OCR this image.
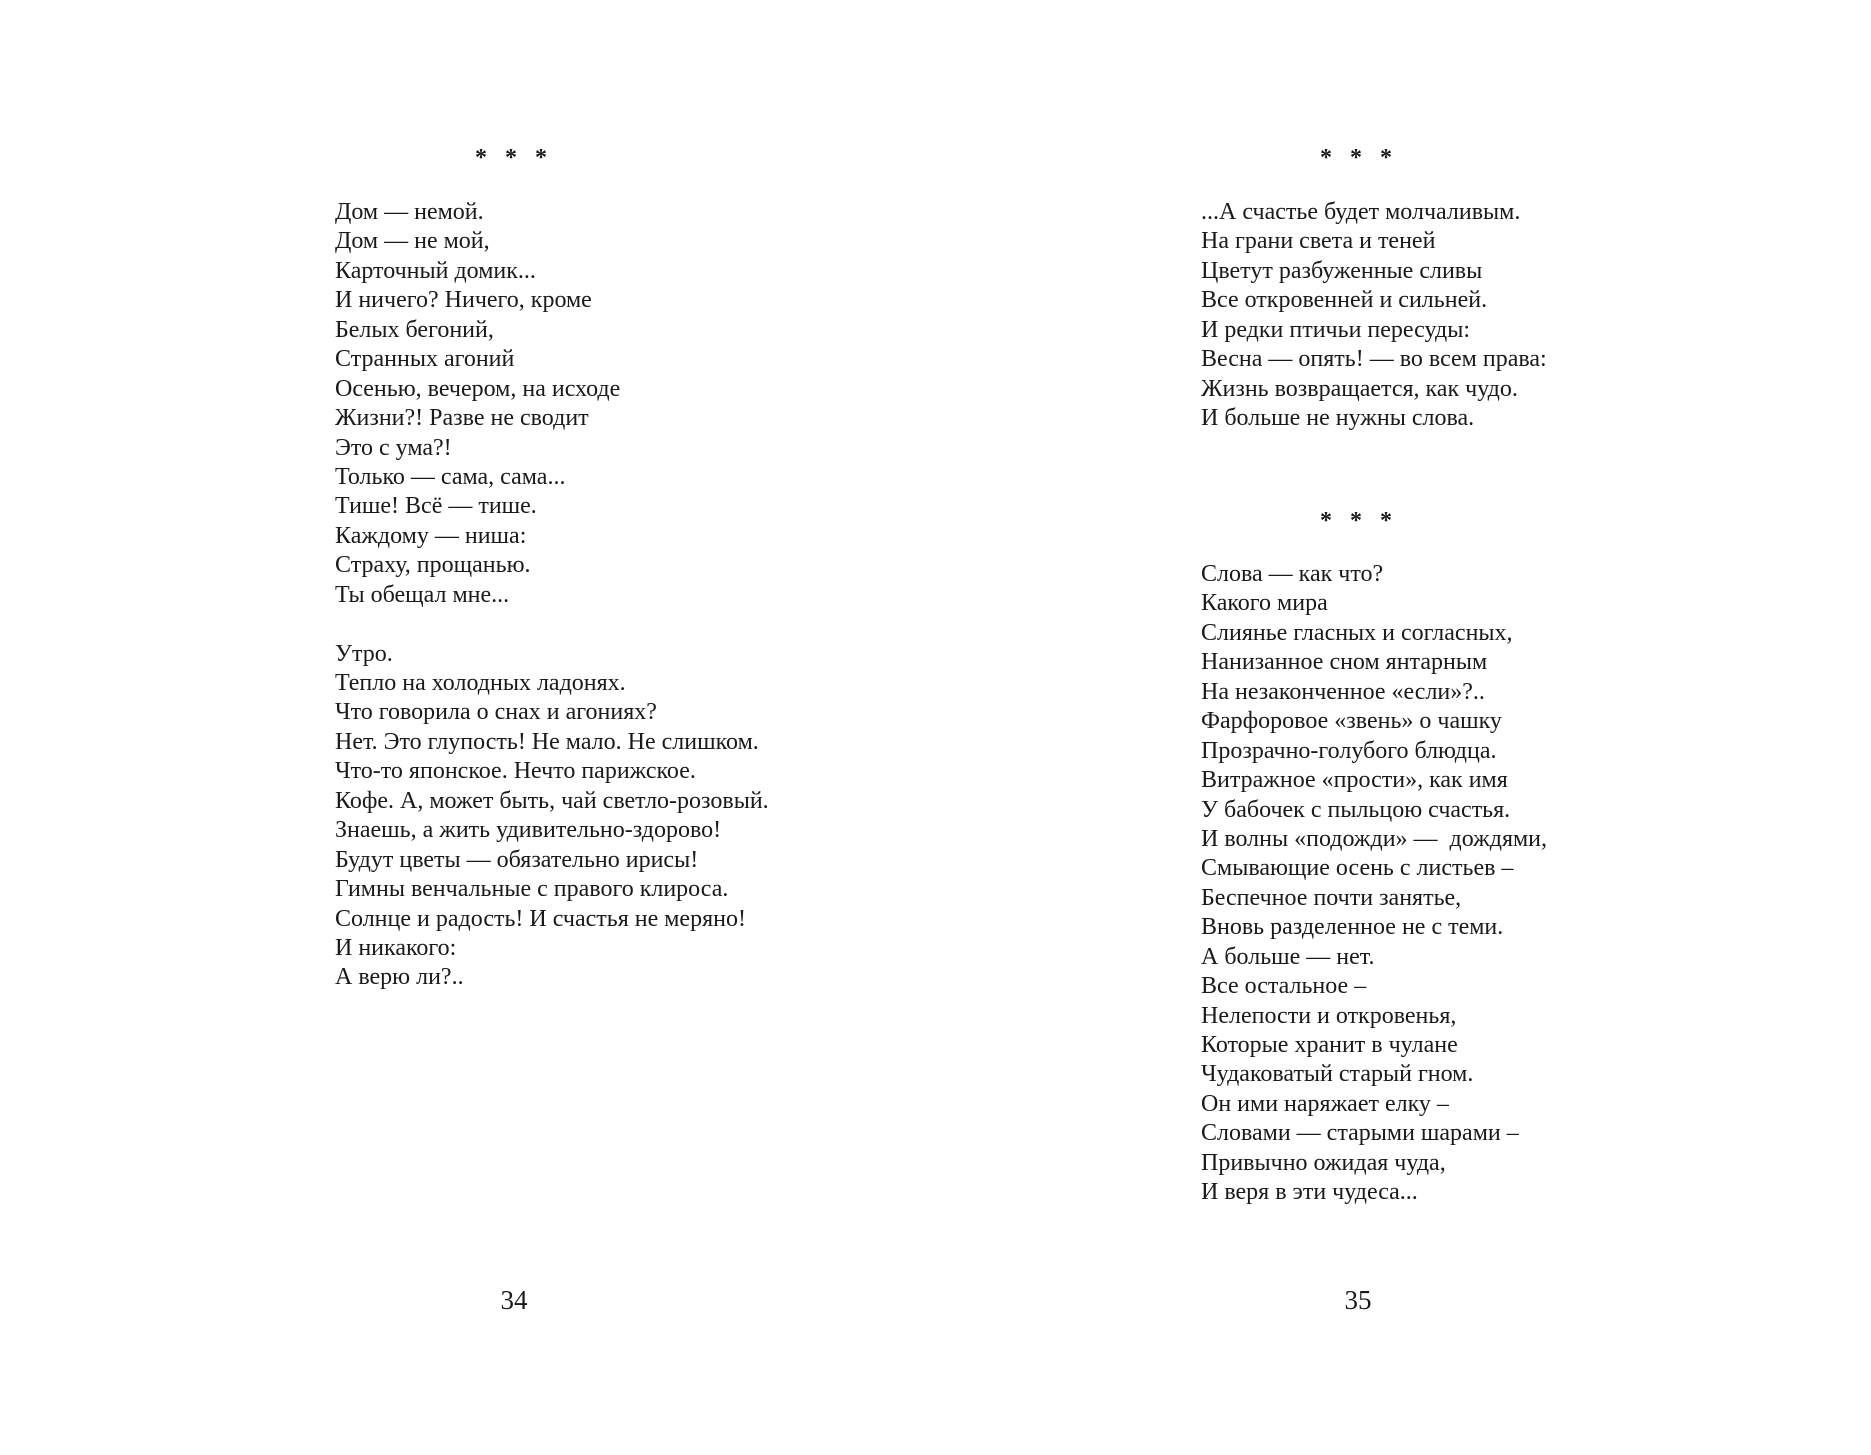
* * *
Дом — немой.
Дом — не мой,
Карточный домик...
И ничего? Ничего, кроме
Белых бегоний,
Странных агоний
Осенью, вечером, на исходе
Жизни?! Разве не сводит
Это с ума?!
Только — сама, сама...
Тише! Всё — тише.
Каждому — ниша:
Страху, прощанью.
Ты обещал мне...
Утро.
Тепло на холодных ладонях.
Что говорила о снах и агониях?
Нет. Это глупость! Не мало. Не слишком.
Что-то японское. Нечто парижское.
Кофе. А, может быть, чай светло-розовый.
Знаешь, а жить удивительно-здорово!
Будут цветы — обязательно ирисы!
Гимны венчальные с правого клироса.
Солнце и радость! И счастья не меряно!
И никакого:
А верю ли?..
34
* * *
...А счастье будет молчаливым.
На грани света и теней
Цветут разбуженные сливы
Все откровенней и сильней.
И редки птичьи пересуды:
Весна — опять! — во всем права:
Жизнь возвращается, как чудо.
И больше не нужны слова.
* * *
Слова — как что?
Какого мира
Слиянье гласных и согласных,
Нанизанное сном янтарным
На незаконченное «если»?..
Фарфоровое «звень» о чашку
Прозрачно-голубого блюдца.
Витражное «прости», как имя
У бабочек с пыльцою счастья.
И волны «подожди» —  дождями,
Смывающие осень с листьев –
Беспечное почти занятье,
Вновь разделенное не с теми.
А больше — нет.
Все остальное –
Нелепости и откровенья,
Которые хранит в чулане
Чудаковатый старый гном.
Он ими наряжает елку –
Словами — старыми шарами –
Привычно ожидая чуда,
И веря в эти чудеса...
35
